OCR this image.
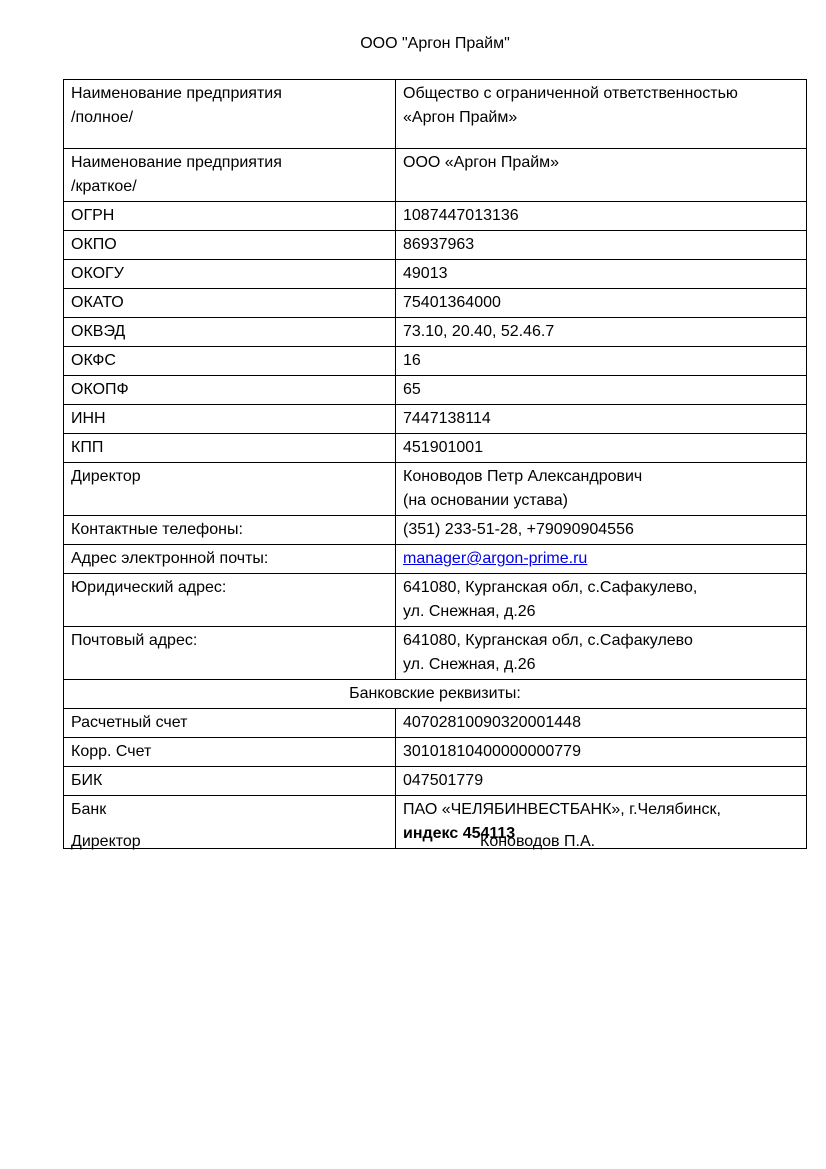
ООО "Аргон Прайм"
Наименование предприятия
/полное/	Общество с ограниченной ответственностью
«Аргон Прайм»

Наименование предприятия
/краткое/	ООО «Аргон Прайм»
ОГРН	1087447013136
ОКПО	86937963
ОКОГУ	49013
ОКАТО	75401364000
ОКВЭД	73.10, 20.40, 52.46.7
ОКФС	16
ОКОПФ	65
ИНН	7447138114
КПП	451901001
Директор	Коноводов Петр Александрович
(на основании устава)

Контактные телефоны:	(351) 233-51-28, +79090904556
Адрес электронной почты:	manager@argon-prime.ru
Юридический адрес:	641080, Курганская обл, с.Сафакулево,
ул. Снежная, д.26

Почтовый адрес:	641080, Курганская обл, с.Сафакулево
ул. Снежная, д.26

Банковские реквизиты:	
Расчетный счет	40702810090320001448
Корр. Счет	30101810400000000779
БИК	047501779
Банк	ПАО «ЧЕЛЯБИНВЕСТБАНК», г.Челябинск,
индекс 454113
Директор	Коноводов П.А.
